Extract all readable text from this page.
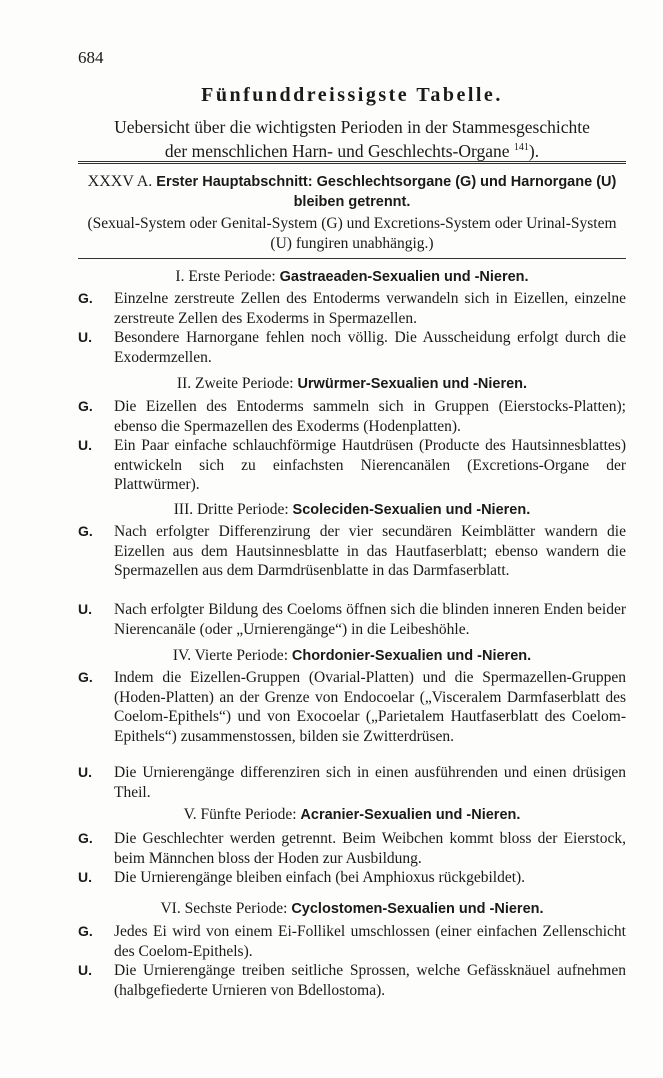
684
Fünfunddreissigste Tabelle.
Uebersicht über die wichtigsten Perioden in der Stammesgeschichte
der menschlichen Harn- und Geschlechts-Organe $^{141}$).
XXXV A. Erster Hauptabschnitt: Geschlechtsorgane (G) und Harnorgane (U) bleiben getrennt.
(Sexual-System oder Genital-System (G) und Excretions-System oder Urinal-System (U) fungiren unabhängig.)
I. Erste Periode: Gastraeaden-Sexualien und -Nieren.
G. Einzelne zerstreute Zellen des Entoderms verwandeln sich in Eizellen, einzelne zerstreute Zellen des Exoderms in Spermazellen.
U. Besondere Harnorgane fehlen noch völlig. Die Ausscheidung erfolgt durch die Exodermzellen.
II. Zweite Periode: Urwürmer-Sexualien und -Nieren.
G. Die Eizellen des Entoderms sammeln sich in Gruppen (Eierstocks-Platten); ebenso die Spermazellen des Exoderms (Hodenplatten).
U. Ein Paar einfache schlauchförmige Hautdrüsen (Producte des Hautsinnesblattes) entwickeln sich zu einfachsten Nierencanälen (Excretions-Organe der Plattwürmer).
III. Dritte Periode: Scoleciden-Sexualien und -Nieren.
G. Nach erfolgter Differenzirung der vier secundären Keimblätter wandern die Eizellen aus dem Hautsinnesblatte in das Hautfaserblatt; ebenso wandern die Spermazellen aus dem Darmdrüsenblatte in das Darmfaserblatt.
U. Nach erfolgter Bildung des Coeloms öffnen sich die blinden inneren Enden beider Nierencanäle (oder „Urnierengänge“) in die Leibeshöhle.
IV. Vierte Periode: Chordonier-Sexualien und -Nieren.
G. Indem die Eizellen-Gruppen (Ovarial-Platten) und die Spermazellen-Gruppen (Hoden-Platten) an der Grenze von Endocoelar („Visceralem Darmfaserblatt des Coelom-Epithels“) und von Exocoelar („Parietalem Hautfaserblatt des Coelom-Epithels“) zusammenstossen, bilden sie Zwitterdrüsen.
U. Die Urnierengänge differenziren sich in einen ausführenden und einen drüsigen Theil.
V. Fünfte Periode: Acranier-Sexualien und -Nieren.
G. Die Geschlechter werden getrennt. Beim Weibchen kommt bloss der Eierstock, beim Männchen bloss der Hoden zur Ausbildung.
U. Die Urnierengänge bleiben einfach (bei Amphioxus rückgebildet).
VI. Sechste Periode: Cyclostomen-Sexualien und -Nieren.
G. Jedes Ei wird von einem Ei-Follikel umschlossen (einer einfachen Zellenschicht des Coelom-Epithels).
U. Die Urnierengänge treiben seitliche Sprossen, welche Gefässknäuel aufnehmen (halbgefiederte Urnieren von Bdellostoma).
